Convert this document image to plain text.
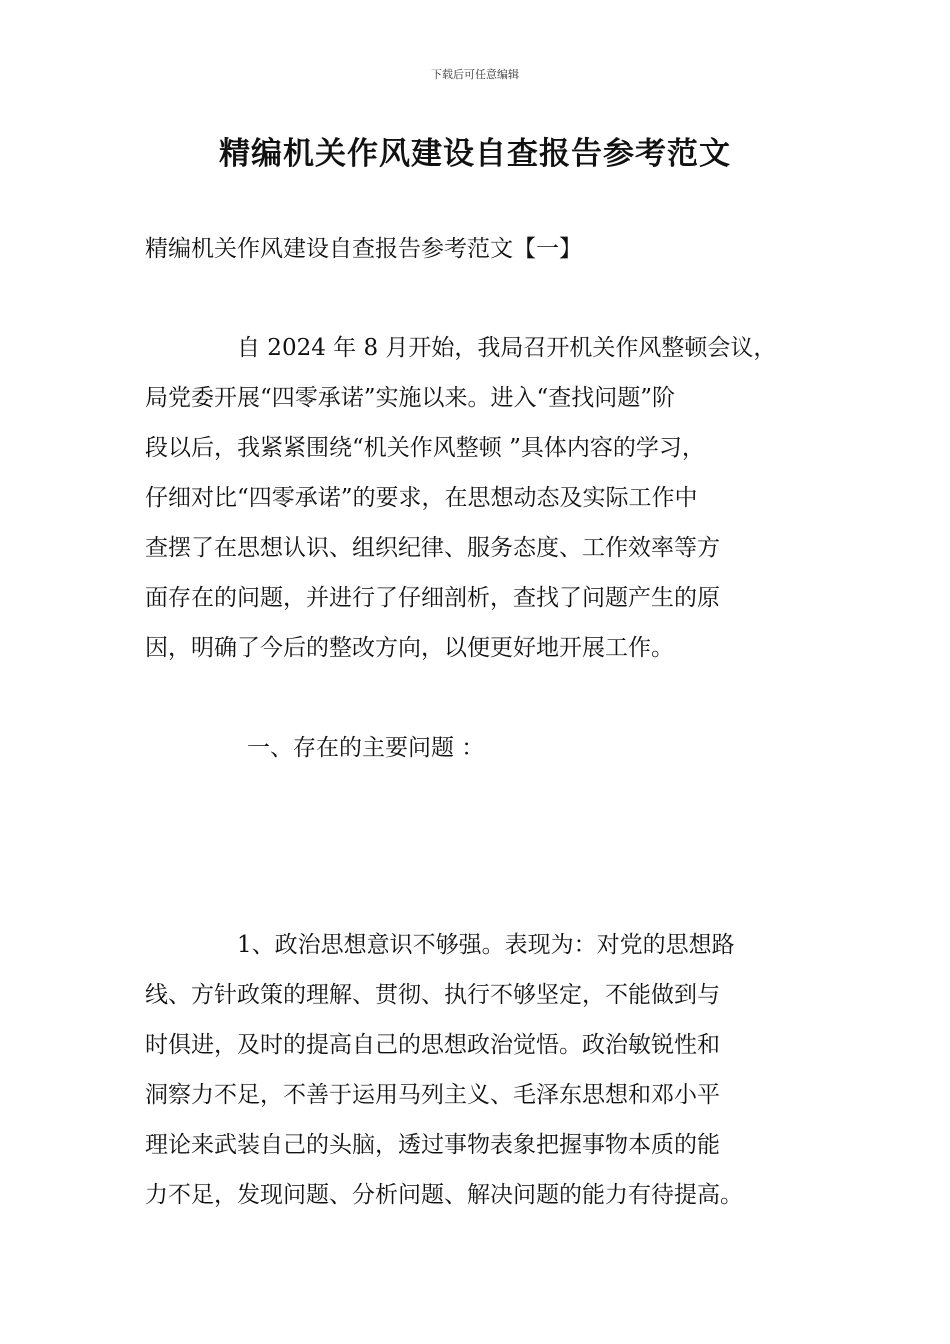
下载后可任意编辑
精编机关作风建设自查报告参考范文

精编机关作风建设自查报告参考范文【一】

　　　　自 2024 年 8 月开始，我局召开机关作风整顿会议，
局党委开展“四零承诺”实施以来。进入“查找问题”阶
段以后，我紧紧围绕“机关作风整顿 ”具体内容的学习，
仔细对比“四零承诺”的要求，在思想动态及实际工作中
查摆了在思想认识、组织纪律、服务态度、工作效率等方
面存在的问题，并进行了仔细剖析，查找了问题产生的原
因，明确了今后的整改方向，以便更好地开展工作。

一、存在的主要问题 ：

　　　　1、政治思想意识不够强。表现为：对党的思想路
线、方针政策的理解、贯彻、执行不够坚定，不能做到与
时俱进，及时的提高自己的思想政治觉悟。政治敏锐性和
洞察力不足，不善于运用马列主义、毛泽东思想和邓小平
理论来武装自己的头脑，透过事物表象把握事物本质的能
力不足，发现问题、分析问题、解决问题的能力有待提高。
